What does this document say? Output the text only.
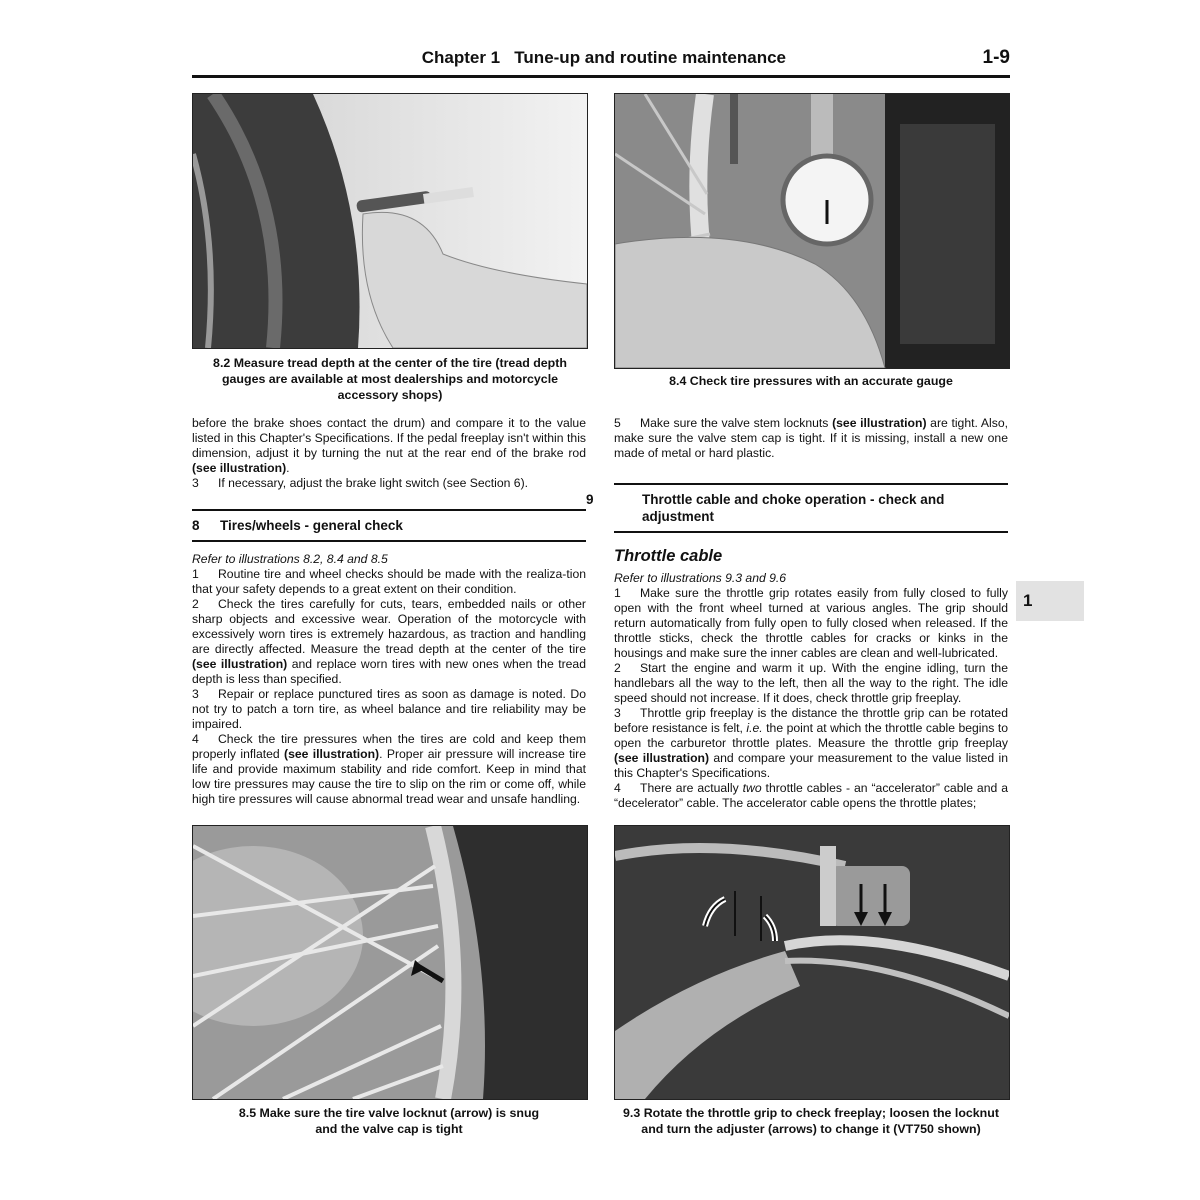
Chapter 1   Tune-up and routine maintenance	1-9
8.2 Measure tread depth at the center of the tire (tread depth gauges are available at most dealerships and motorcycle accessory shops)
8.4 Check tire pressures with an accurate gauge

before the brake shoes contact the drum) and compare it to the value listed in this Chapter's Specifications. If the pedal freeplay isn't within this dimension, adjust it by turning the nut at the rear end of the brake rod (see illustration).

3 If necessary, adjust the brake light switch (see Section 6).

8 Tires/wheels - general check

Refer to illustrations 8.2, 8.4 and 8.5

1 Routine tire and wheel checks should be made with the realiza-tion that your safety depends to a great extent on their condition.

2 Check the tires carefully for cuts, tears, embedded nails or other sharp objects and excessive wear. Operation of the motorcycle with excessively worn tires is extremely hazardous, as traction and handling are directly affected. Measure the tread depth at the center of the tire (see illustration) and replace worn tires with new ones when the tread depth is less than specified.

3 Repair or replace punctured tires as soon as damage is noted. Do not try to patch a torn tire, as wheel balance and tire reliability may be impaired.

4 Check the tire pressures when the tires are cold and keep them properly inflated (see illustration). Proper air pressure will increase tire life and provide maximum stability and ride comfort. Keep in mind that low tire pressures may cause the tire to slip on the rim or come off, while high tire pressures will cause abnormal tread wear and unsafe handling.

5 Make sure the valve stem locknuts (see illustration) are tight. Also, make sure the valve stem cap is tight. If it is missing, install a new one made of metal or hard plastic.

9	Throttle cable and choke operation - check and adjustment
Throttle cable

Refer to illustrations 9.3 and 9.6

1 Make sure the throttle grip rotates easily from fully closed to fully open with the front wheel turned at various angles. The grip should return automatically from fully open to fully closed when released. If the throttle sticks, check the throttle cables for cracks or kinks in the housings and make sure the inner cables are clean and well-lubricated.

2 Start the engine and warm it up. With the engine idling, turn the handlebars all the way to the left, then all the way to the right. The idle speed should not increase. If it does, check throttle grip freeplay.

3 Throttle grip freeplay is the distance the throttle grip can be rotated before resistance is felt, i.e. the point at which the throttle cable begins to open the carburetor throttle plates. Measure the throttle grip freeplay (see illustration) and compare your measurement to the value listed in this Chapter's Specifications.

4 There are actually two throttle cables - an “accelerator” cable and a “decelerator” cable. The accelerator cable opens the throttle plates;

1
8.5 Make sure the tire valve locknut (arrow) is snug
and the valve cap is tight
9.3 Rotate the throttle grip to check freeplay; loosen the locknut
and turn the adjuster (arrows) to change it (VT750 shown)
